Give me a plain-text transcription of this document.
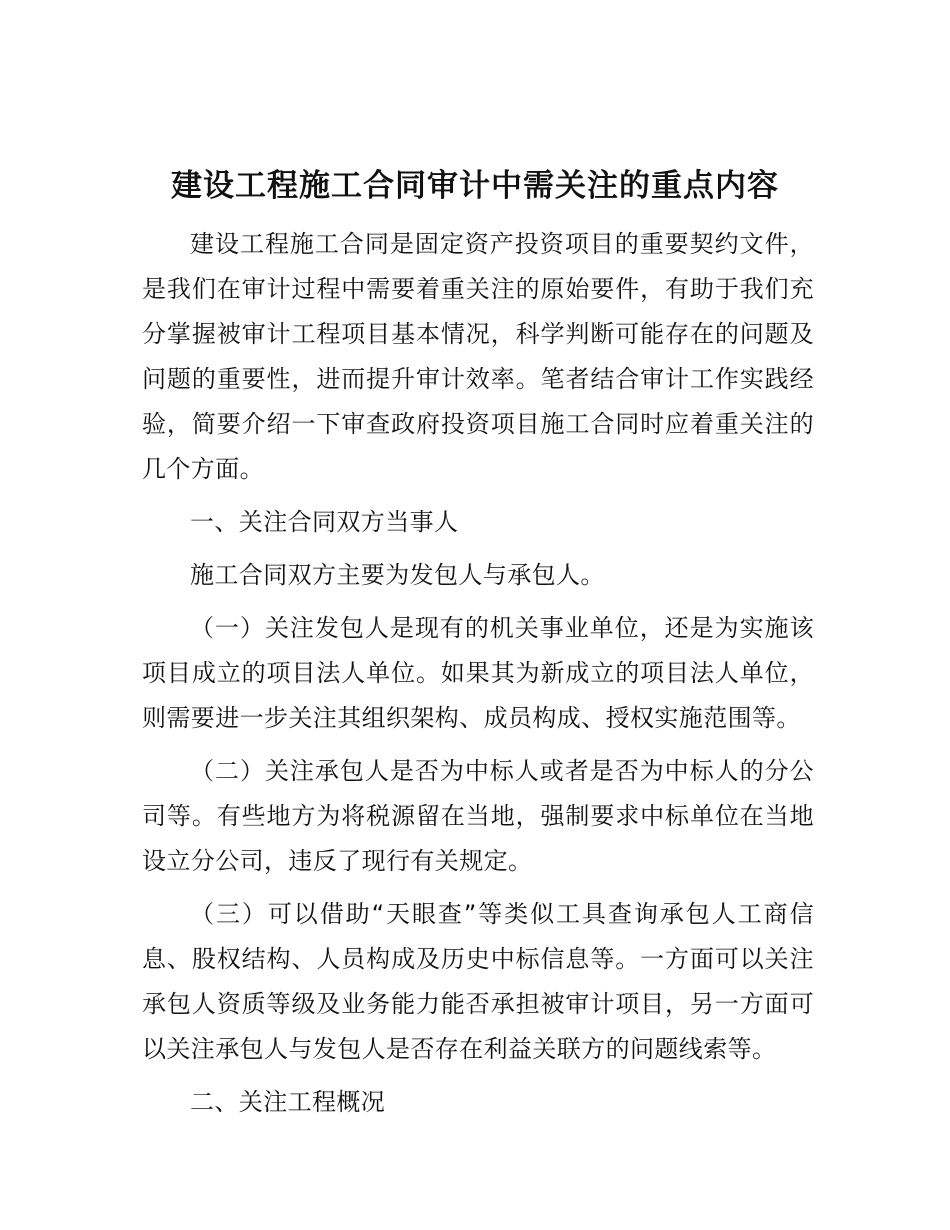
建设工程施工合同审计中需关注的重点内容

建设工程施工合同是固定资产投资项目的重要契约文件，是我们在审计过程中需要着重关注的原始要件，有助于我们充分掌握被审计工程项目基本情况，科学判断可能存在的问题及问题的重要性，进而提升审计效率。笔者结合审计工作实践经验，简要介绍一下审查政府投资项目施工合同时应着重关注的几个方面。

一、关注合同双方当事人

施工合同双方主要为发包人与承包人。

（一）关注发包人是现有的机关事业单位，还是为实施该项目成立的项目法人单位。如果其为新成立的项目法人单位，则需要进一步关注其组织架构、成员构成、授权实施范围等。

（二）关注承包人是否为中标人或者是否为中标人的分公司等。有些地方为将税源留在当地，强制要求中标单位在当地设立分公司，违反了现行有关规定。

（三）可以借助“天眼查”等类似工具查询承包人工商信息、股权结构、人员构成及历史中标信息等。一方面可以关注承包人资质等级及业务能力能否承担被审计项目，另一方面可以关注承包人与发包人是否存在利益关联方的问题线索等。

二、关注工程概况
